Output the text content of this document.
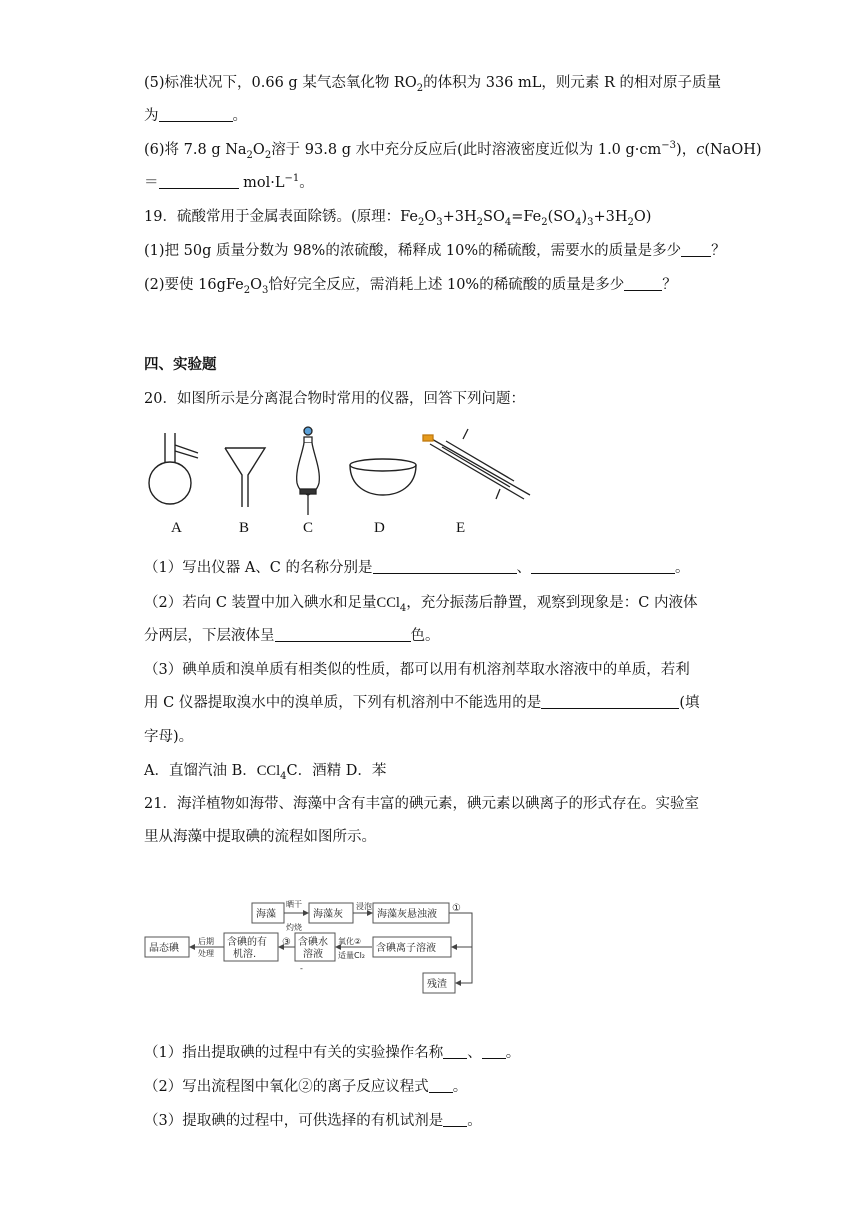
(5)标准状况下，0.66 g 某气态氧化物 $RO_2$的体积为 336 mL，则元素 R 的相对原子质量
为	。
(6)将 7.8 g $Na_2O_2$溶于 93.8 g 水中充分反应后(此时溶液密度近似为 1.0 $g\cdot cm^{-3}$)，c(NaOH)
＝	$mol\cdot L^{-1}$。
19．硫酸常用于金属表面除锈。(原理：$Fe_2O_3+3H_2SO_4=Fe_2(SO_4)_3+3H_2O$)
(1)把 50g 质量分数为 98%的浓硫酸，稀释成 10%的稀硫酸，需要水的质量是多少 ？
(2)要使 $16gFe_2O_3$恰好完全反应，需消耗上述 10%的稀硫酸的质量是多少	？
四、实验题
20．如图所示是分离混合物时常用的仪器，回答下列问题：
A	B	C	D	E
（1）写出仪器 A、C 的名称分别是	、	。
（2）若向 C 装置中加入碘水和足量CCl$_4$，充分振荡后静置，观察到现象是：C 内液体
分两层，下层液体呈	色。
（3）碘单质和溴单质有相类似的性质，都可以用有机溶剂萃取水溶液中的单质，若利
用 C 仪器提取溴水中的溴单质，下列有机溶剂中不能选用的是	(填
字母)。
A．直馏汽油 B．CCl$_4$C．酒精 D．苯
21．海洋植物如海带、海藻中含有丰富的碘元素，碘元素以碘离子的形式存在。实验室
里从海藻中提取碘的流程如图所示。
海藻
晒干
灼烧
海藻灰
浸泡
海藻灰悬浊液
①
晶态碘
后期
处理
含碘的有
机溶.
③ 含碘水
溶液
-
氧化②
适量Cl₂
含碘离子溶液
残渣
（1）指出提取碘的过程中有关的实验操作名称 、 。
（2）写出流程图中氧化②的离子反应议程式 。
（3）提取碘的过程中，可供选择的有机试剂是 。
